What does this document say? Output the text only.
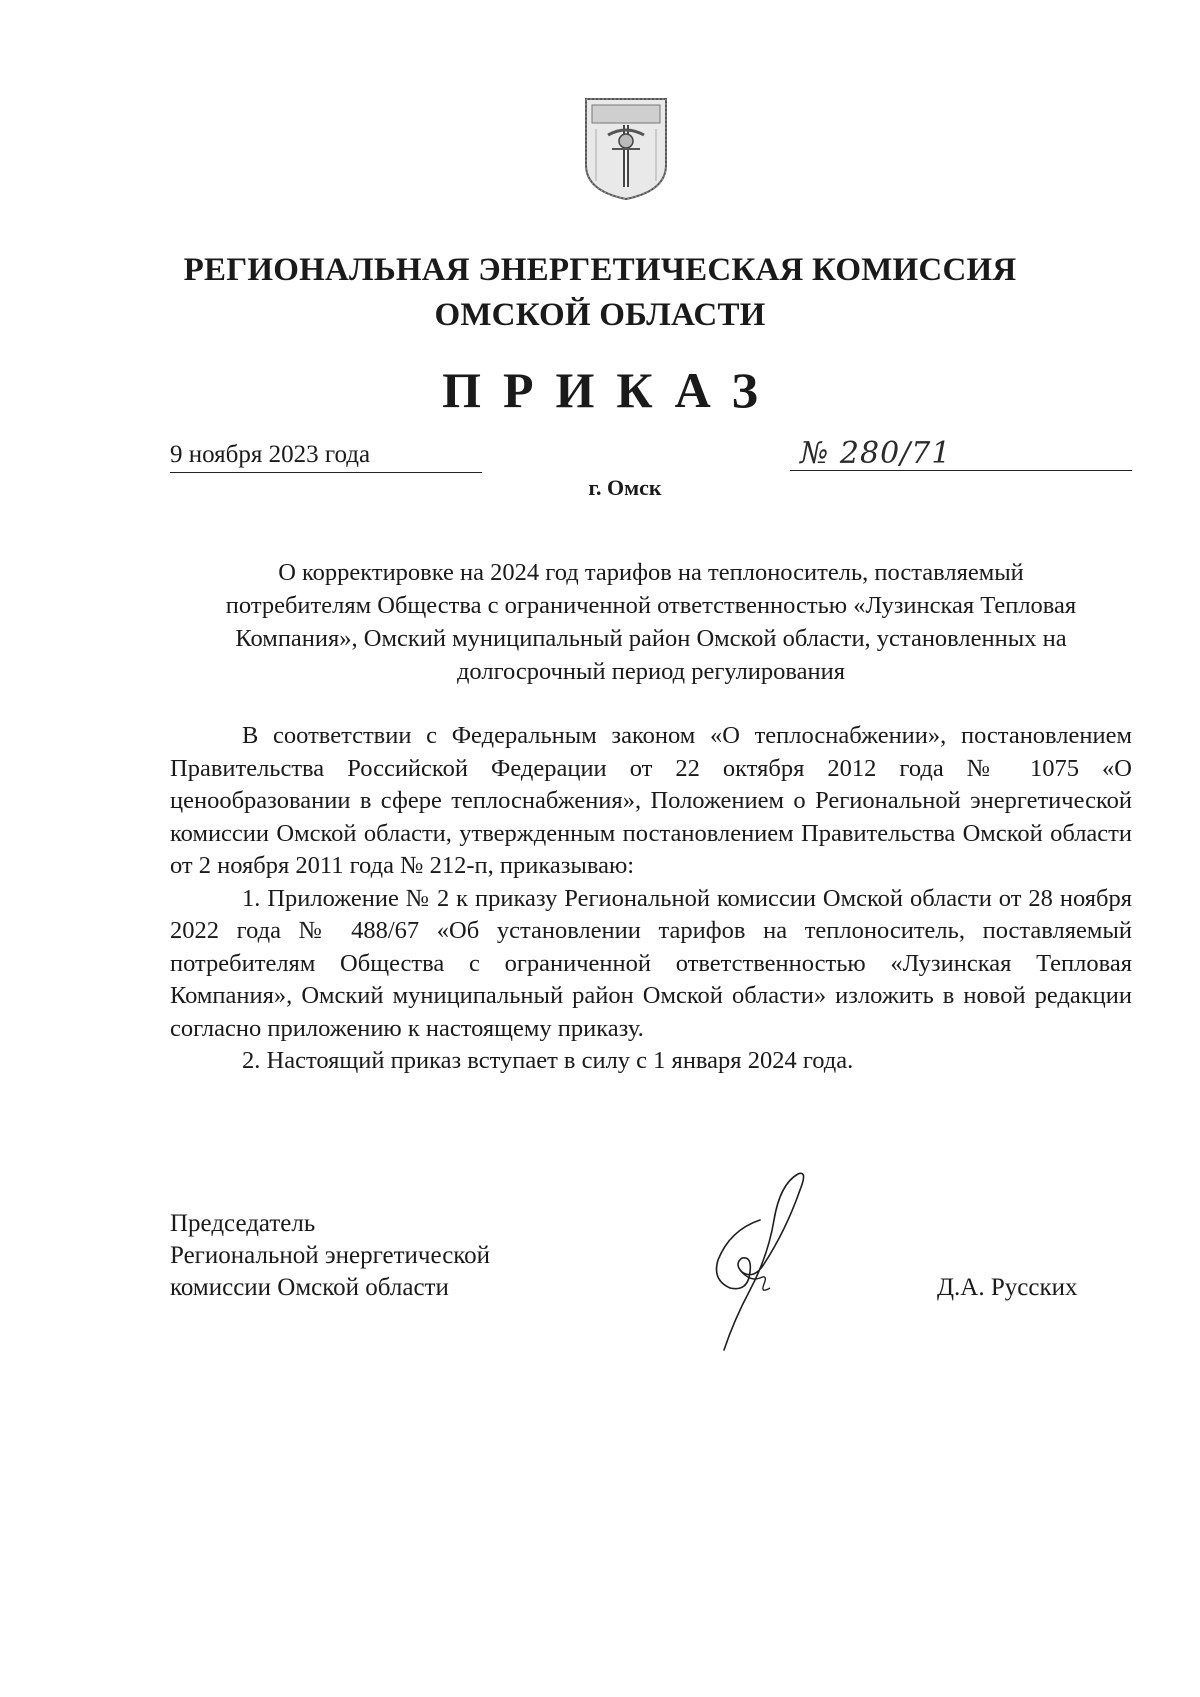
РЕГИОНАЛЬНАЯ ЭНЕРГЕТИЧЕСКАЯ КОМИССИЯ
ОМСКОЙ ОБЛАСТИ
ПРИКАЗ
9 ноября 2023 года	№ 280/71
г. Омск
О корректировке на 2024 год тарифов на теплоноситель, поставляемый
потребителям Общества с ограниченной ответственностью «Лузинская Тепловая
Компания», Омский муниципальный район Омской области, установленных на
долгосрочный период регулирования

В соответствии с Федеральным законом «О теплоснабжении», постановлением Правительства Российской Федерации от 22 октября 2012 года № 1075 «О ценообразовании в сфере теплоснабжения», Положением о Региональной энергетической комиссии Омской области, утвержденным постановлением Правительства Омской области от 2 ноября 2011 года № 212-п, приказываю:

1. Приложение № 2 к приказу Региональной комиссии Омской области от 28 ноября 2022 года № 488/67 «Об установлении тарифов на теплоноситель, поставляемый потребителям Общества с ограниченной ответственностью «Лузинская Тепловая Компания», Омский муниципальный район Омской области» изложить в новой редакции согласно приложению к настоящему приказу.

2. Настоящий приказ вступает в силу с 1 января 2024 года.

Председатель
Региональной энергетической
комиссии Омской области	Д.А. Русских
